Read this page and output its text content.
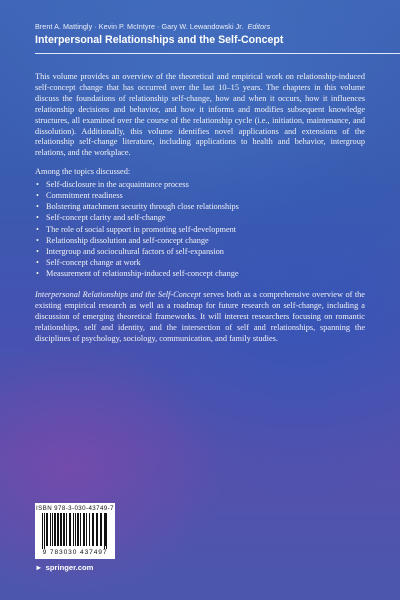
Brent A. Mattingly · Kevin P. McIntyre · Gary W. Lewandowski Jr. Editors
Interpersonal Relationships and the Self-Concept

This volume provides an overview of the theoretical and empirical work on relationship-induced self-concept change that has occurred over the last 10–15 years. The chapters in this volume discuss the foundations of relationship self-change, how and when it occurs, how it influences relationship decisions and behavior, and how it informs and modifies subsequent knowledge structures, all examined over the course of the relationship cycle (i.e., initiation, maintenance, and dissolution). Additionally, this volume identifies novel applications and extensions of the relationship self-change literature, including applications to health and behavior, intergroup relations, and the workplace.

Among the topics discussed:

• Self-disclosure in the acquaintance process
• Commitment readiness
• Bolstering attachment security through close relationships
• Self-concept clarity and self-change
• The role of social support in promoting self-development
• Relationship dissolution and self-concept change
• Intergroup and sociocultural factors of self-expansion
• Self-concept change at work
• Measurement of relationship-induced self-concept change

Interpersonal Relationships and the Self-Concept serves both as a comprehensive overview of the existing empirical research as well as a roadmap for future research on self-change, including a discussion of emerging theoretical frameworks. It will interest researchers focusing on romantic relationships, self and identity, and the intersection of self and relationships, spanning the disciplines of psychology, sociology, communication, and family studies.

ISBN 978-3-030-43749-7
9 783030 437497
► springer.com
